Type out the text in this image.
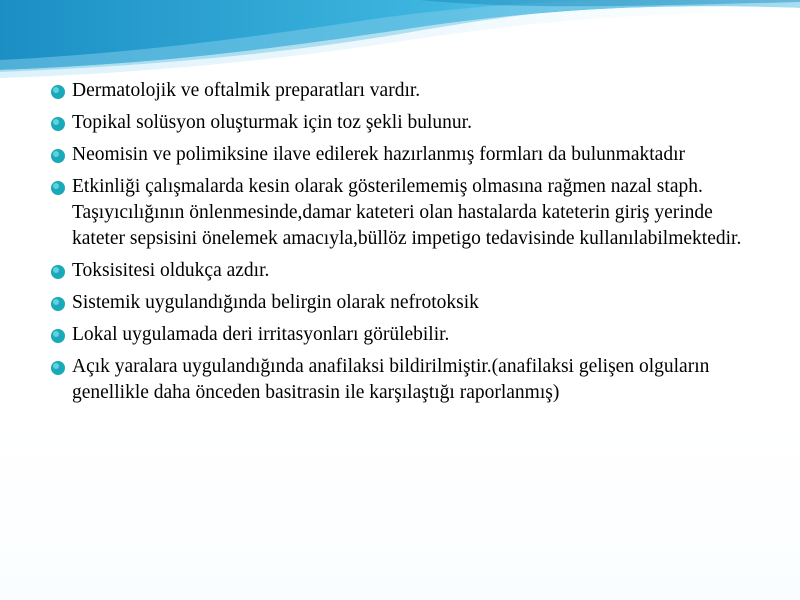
Dermatolojik ve oftalmik preparatları vardır.
Topikal solüsyon oluşturmak için toz şekli bulunur.
Neomisin ve polimiksine ilave edilerek hazırlanmış formları da bulunmaktadır
Etkinliği çalışmalarda kesin olarak gösterilememiş olmasına rağmen nazal staph. Taşıyıcılığının önlenmesinde,damar kateteri olan hastalarda kateterin giriş yerinde kateter sepsisini önelemek amacıyla,büllöz impetigo tedavisinde kullanılabilmektedir.
Toksisitesi oldukça azdır.
Sistemik uygulandığında belirgin olarak nefrotoksik
Lokal uygulamada deri irritasyonları görülebilir.
Açık yaralara uygulandığında anafilaksi bildirilmiştir.(anafilaksi gelişen olguların genellikle daha önceden basitrasin ile karşılaştığı raporlanmış)
